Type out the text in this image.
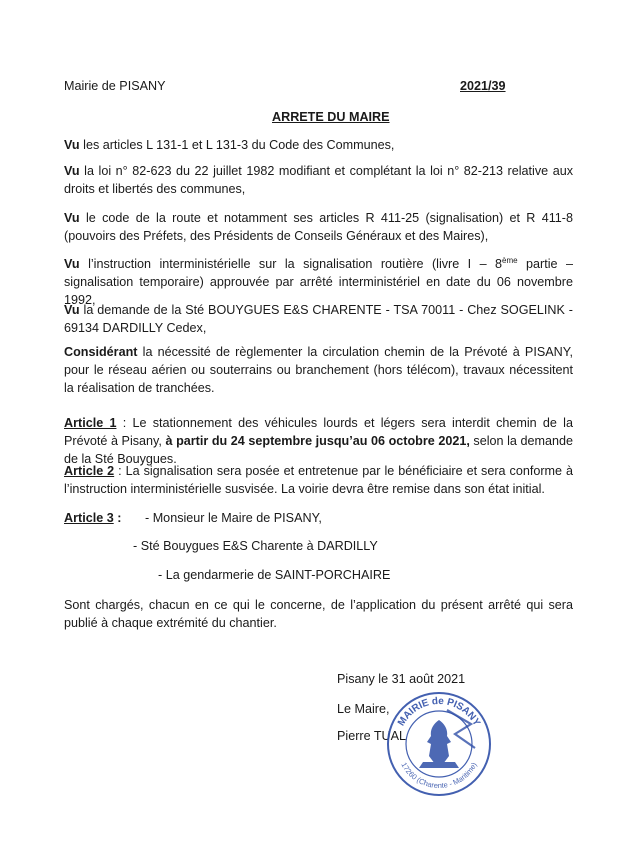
Mairie de PISANY	2021/39
ARRETE DU MAIRE

Vu les articles L 131-1 et L 131-3 du Code des Communes,

Vu la loi n° 82-623 du 22 juillet 1982 modifiant et complétant la loi n° 82-213 relative aux droits et libertés des communes,

Vu le code de la route et notamment ses articles R 411-25 (signalisation) et R 411-8 (pouvoirs des Préfets, des Présidents de Conseils Généraux et des Maires),

Vu l’instruction interministérielle sur la signalisation routière (livre I – 8ème partie – signalisation temporaire) approuvée par arrêté interministériel en date du 06 novembre 1992,

Vu la demande de la Sté BOUYGUES E&S CHARENTE - TSA 70011 - Chez SOGELINK - 69134 DARDILLY Cedex,

Considérant la nécessité de règlementer la circulation chemin de la Prévoté à PISANY, pour le réseau aérien ou souterrains ou branchement (hors télécom), travaux nécessitent la réalisation de tranchées.

Article 1 : Le stationnement des véhicules lourds et légers sera interdit chemin de la Prévoté à Pisany, à partir du 24 septembre jusqu’au 06 octobre 2021, selon la demande de la Sté Bouygues.

Article 2 : La signalisation sera posée et entretenue par le bénéficiaire et sera conforme à l’instruction interministérielle susvisée. La voirie devra être remise dans son état initial.

Article 3 : - Monsieur le Maire de PISANY,
- Sté Bouygues E&S Charente à DARDILLY
- La gendarmerie de SAINT-PORCHAIRE

Sont chargés, chacun en ce qui le concerne, de l’application du présent arrêté qui sera publié à chaque extrémité du chantier.

Pisany le 31 août 2021
Le Maire,
Pierre TUAL
MAIRIE de PISANY
17260 (Charente - Maritime)
